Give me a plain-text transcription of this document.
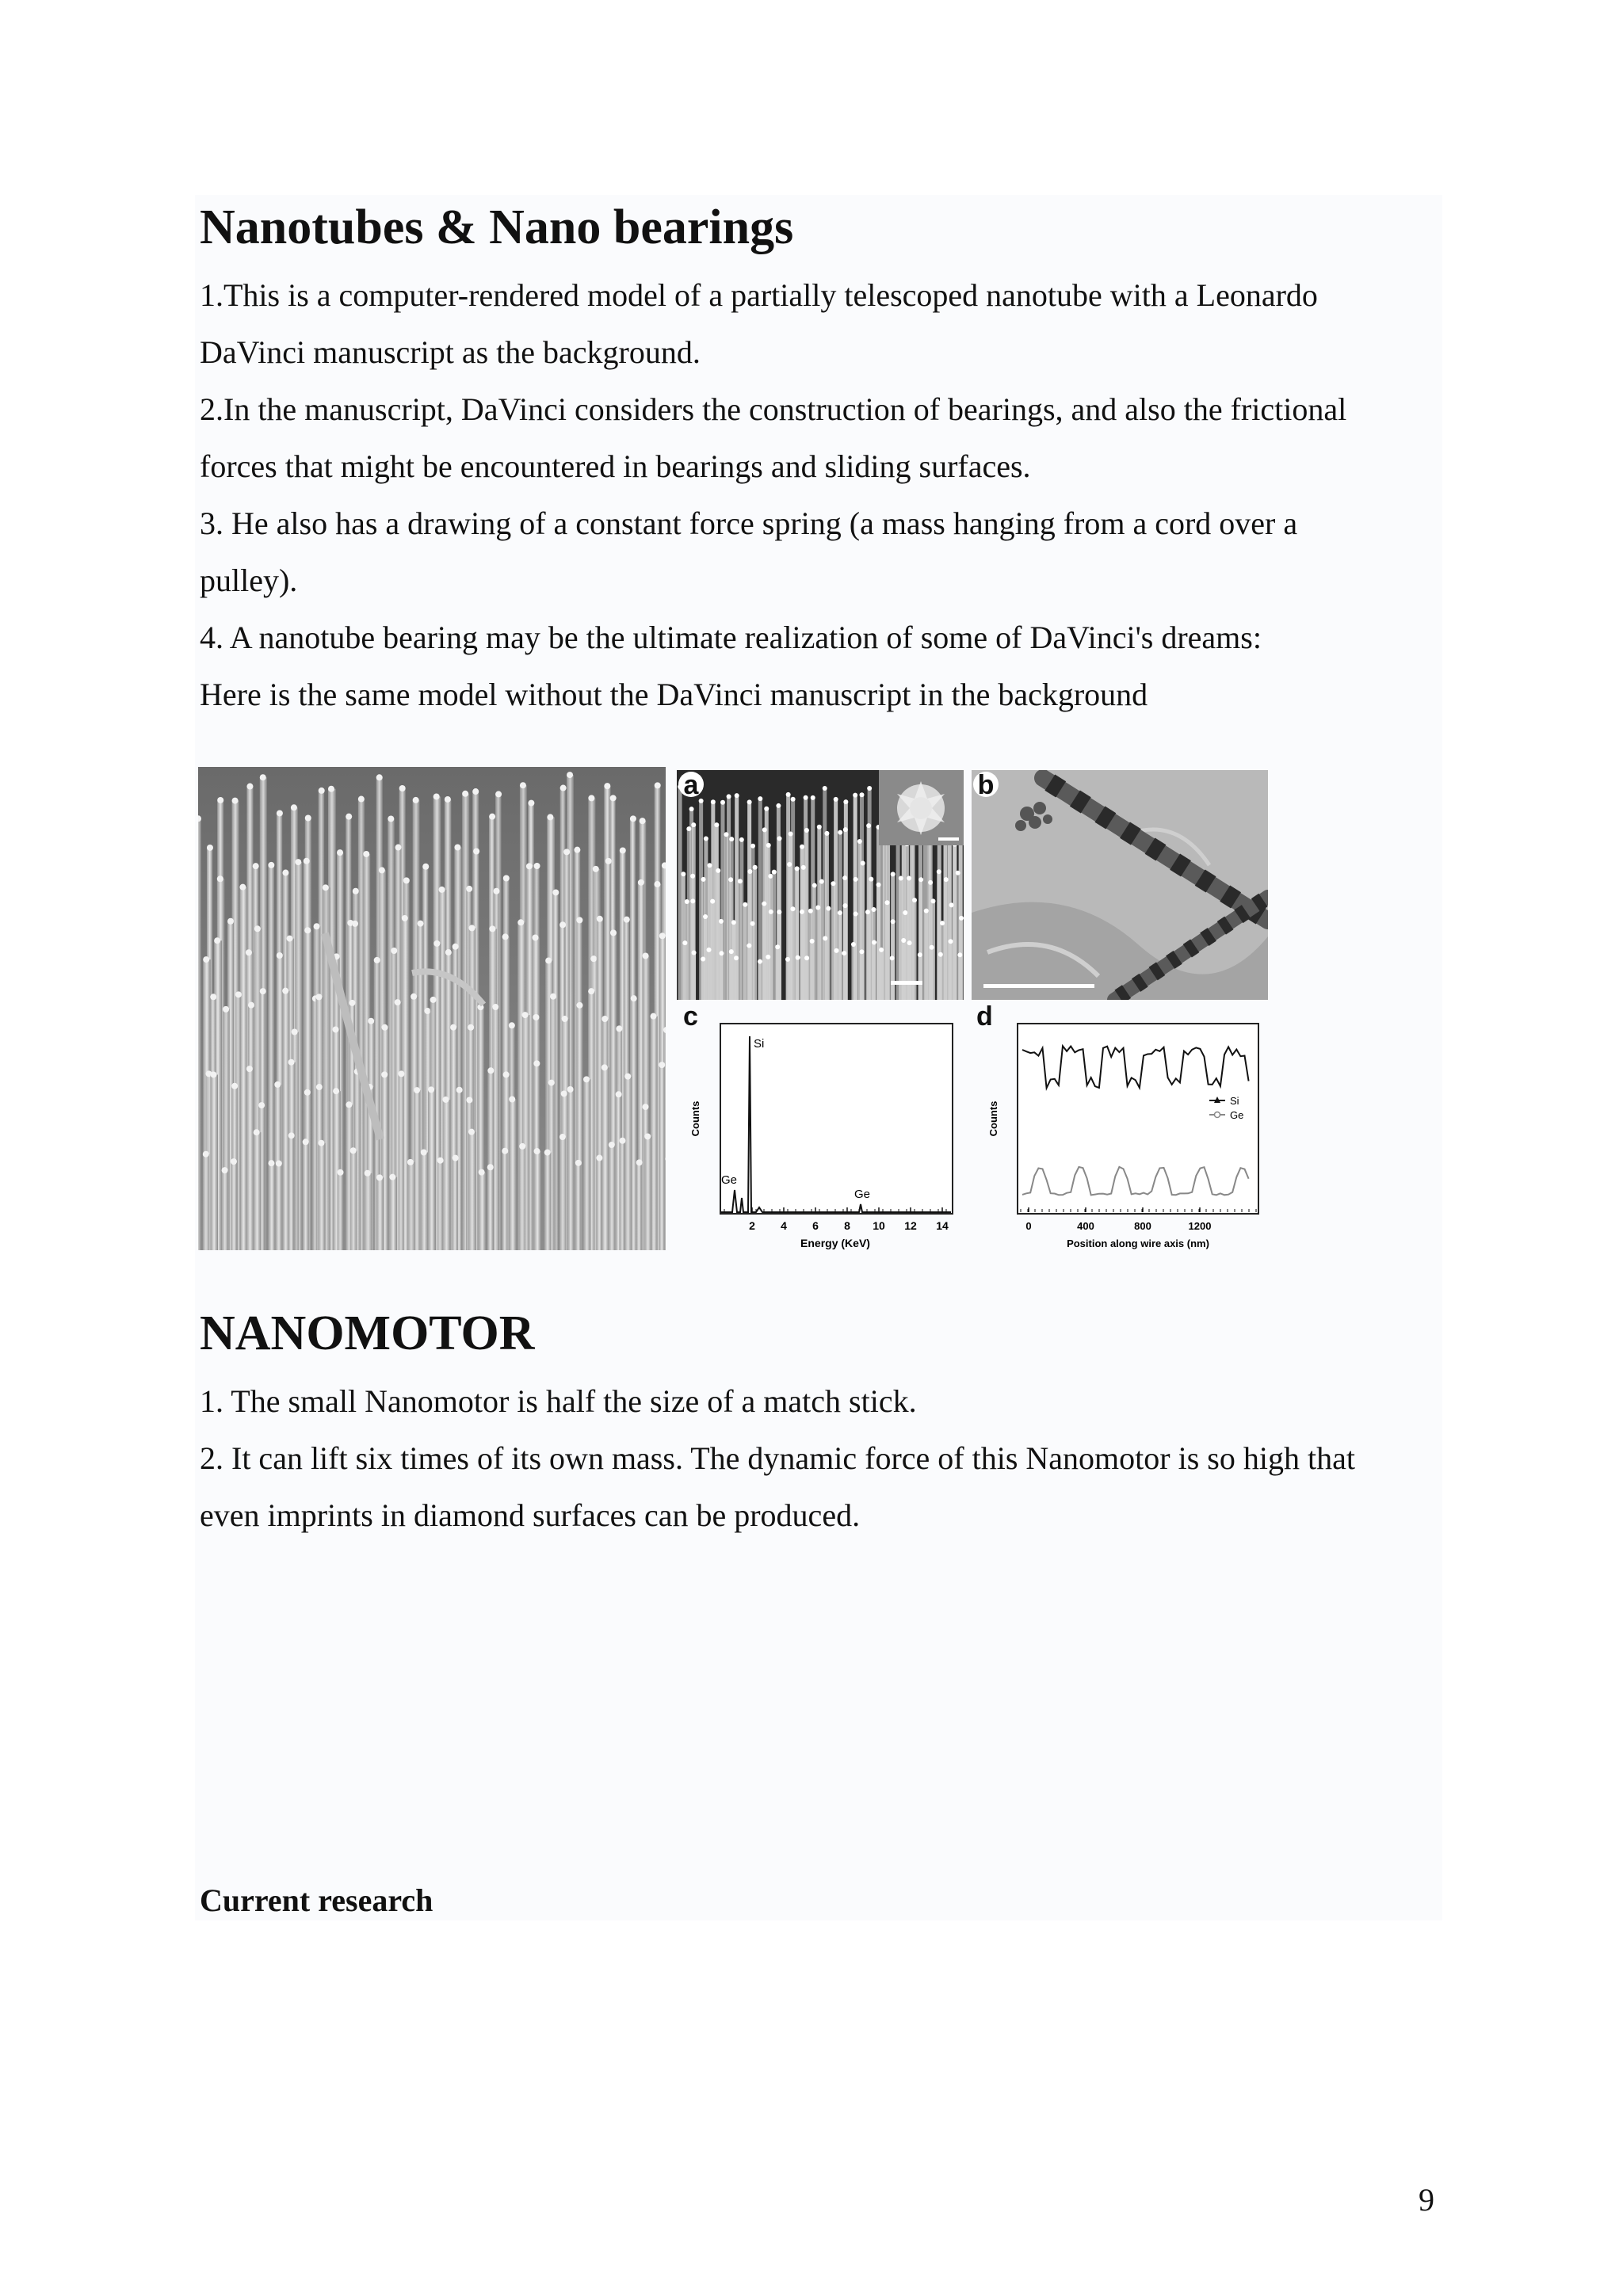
Nanotubes & Nano bearings
1.This is a computer-rendered model of a partially telescoped nanotube with a Leonardo
DaVinci manuscript as the background.
2.In the manuscript, DaVinci considers the construction of bearings, and also the frictional
forces that might be encountered in bearings and sliding surfaces.
3. He also has a drawing of a constant force spring (a mass hanging from a cord over a
pulley).
4. A nanotube bearing may be the ultimate realization of some of DaVinci's dreams:
Here is the same model without the DaVinci manuscript in the background
a	b
c
Counts
Energy (KeV)
2 4 6 8 10 12 14
Si
Ge
Ge
d
Counts
Position along wire axis (nm)
0	400	800	1200
Si
Ge
NANOMOTOR
1. The small Nanomotor is half the size of a match stick.
2. It can lift six times of its own mass. The dynamic force of this Nanomotor is so high that
even imprints in diamond surfaces can be produced.
Current research
9
